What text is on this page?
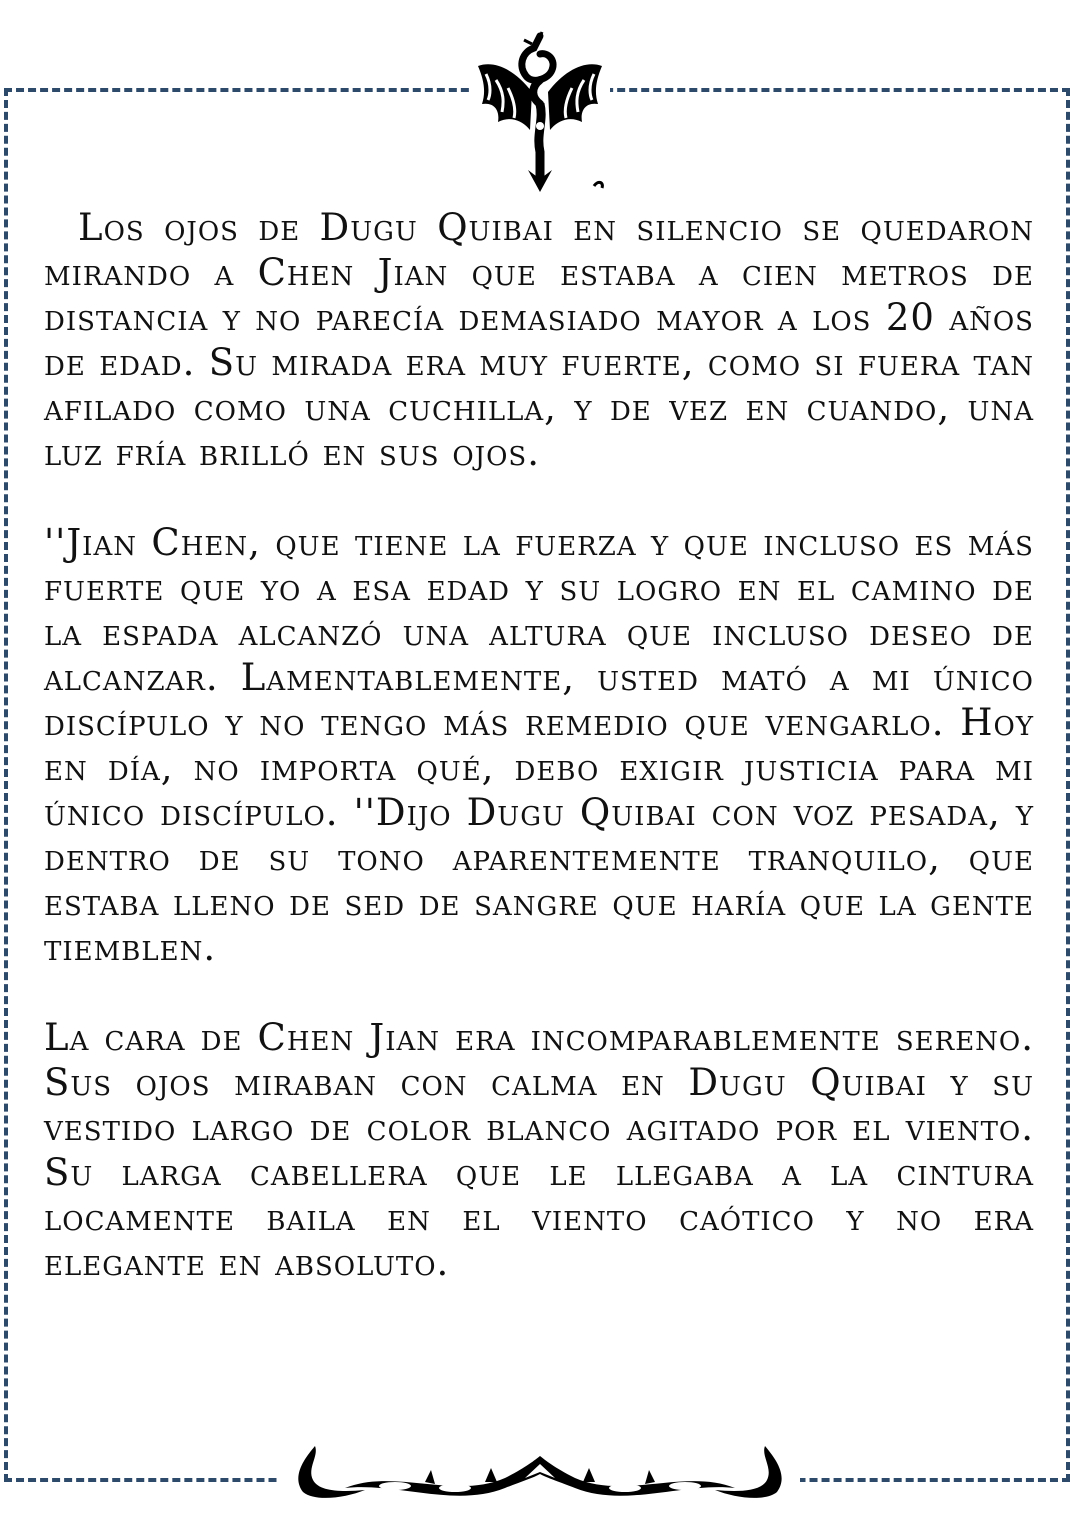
Los ojos de Dugu Quibai en silencio se quedaron mirando a Chen Jian que estaba a cien metros de distancia y no parecía demasiado mayor a los 20 años de edad. Su mirada era muy fuerte, como si fuera tan afilado como una cuchilla, y de vez en cuando, una luz fría brilló en sus ojos.

''Jian Chen, que tiene la fuerza y que incluso es más fuerte que yo a esa edad y su logro en el camino de la espada alcanzó una altura que incluso deseo de alcanzar. Lamentablemente, usted mató a mi único discípulo y no tengo más remedio que vengarlo. Hoy en día, no importa qué, debo exigir justicia para mi único discípulo. ''Dijo Dugu Quibai con voz pesada, y dentro de su tono aparentemente tranquilo, que estaba lleno de sed de sangre que haría que la gente tiemblen.

La cara de Chen Jian era incomparablemente sereno. Sus ojos miraban con calma en Dugu Quibai y su vestido largo de color blanco agitado por el viento. Su larga cabellera que le llegaba a la cintura locamente baila en el viento caótico y no era elegante en absoluto.
